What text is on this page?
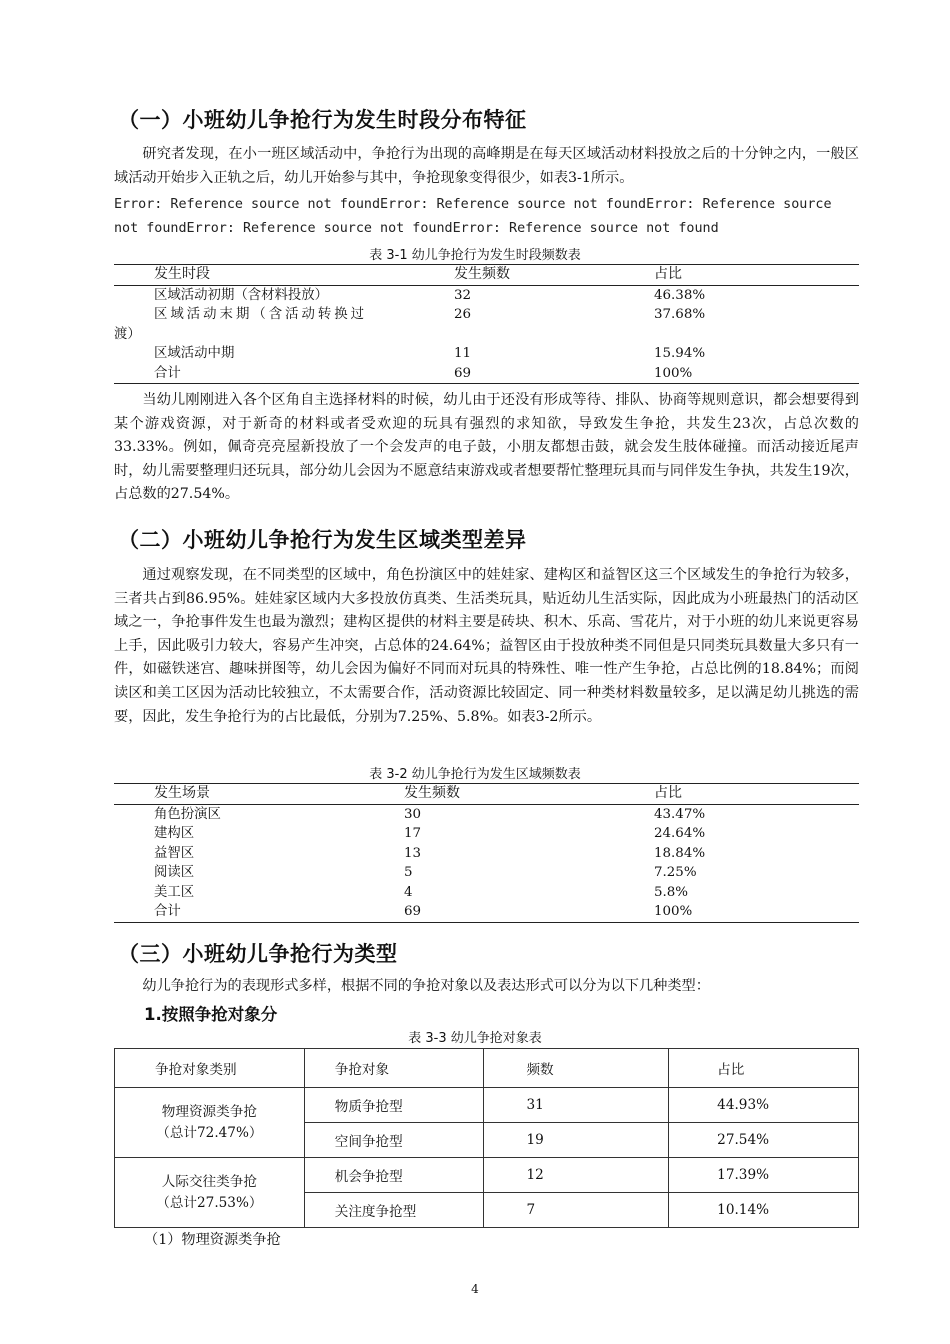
（一）小班幼儿争抢行为发生时段分布特征
研究者发现，在小一班区域活动中，争抢行为出现的高峰期是在每天区域活动材料投放之后的十分钟之内，一般区域活动开始步入正轨之后，幼儿开始参与其中，争抢现象变得很少，如表3-1所示。
Error: Reference source not foundError: Reference source not foundError: Reference source
not foundError: Reference source not foundError: Reference source not found
表 3-1 幼儿争抢行为发生时段频数表
发生时段	发生频数	占比
区域活动初期（含材料投放）	32	46.38%
区域活动末期（含活动转换过	26	37.68%
渡）		
区域活动中期	11	15.94%
合计	69	100%
当幼儿刚刚进入各个区角自主选择材料的时候，幼儿由于还没有形成等待、排队、协商等规则意识，都会想要得到某个游戏资源，对于新奇的材料或者受欢迎的玩具有强烈的求知欲，导致发生争抢，共发生23次，占总次数的33.33%。例如，佩奇亮亮屋新投放了一个会发声的电子鼓，小朋友都想击鼓，就会发生肢体碰撞。而活动接近尾声时，幼儿需要整理归还玩具，部分幼儿会因为不愿意结束游戏或者想要帮忙整理玩具而与同伴发生争执，共发生19次，占总数的27.54%。
（二）小班幼儿争抢行为发生区域类型差异
通过观察发现，在不同类型的区域中，角色扮演区中的娃娃家、建构区和益智区这三个区域发生的争抢行为较多，三者共占到86.95%。娃娃家区域内大多投放仿真类、生活类玩具，贴近幼儿生活实际，因此成为小班最热门的活动区域之一，争抢事件发生也最为激烈；建构区提供的材料主要是砖块、积木、乐高、雪花片，对于小班的幼儿来说更容易上手，因此吸引力较大，容易产生冲突，占总体的24.64%；益智区由于投放种类不同但是只同类玩具数量大多只有一件，如磁铁迷宫、趣味拼图等，幼儿会因为偏好不同而对玩具的特殊性、唯一性产生争抢，占总比例的18.84%；而阅读区和美工区因为活动比较独立，不太需要合作，活动资源比较固定、同一种类材料数量较多，足以满足幼儿挑选的需要，因此，发生争抢行为的占比最低，分别为7.25%、5.8%。如表3-2所示。
表 3-2 幼儿争抢行为发生区域频数表
发生场景	发生频数	占比
角色扮演区	30	43.47%
建构区	17	24.64%
益智区	13	18.84%
阅读区	5	7.25%
美工区	4	5.8%
合计	69	100%
（三）小班幼儿争抢行为类型
幼儿争抢行为的表现形式多样，根据不同的争抢对象以及表达形式可以分为以下几种类型：
1.按照争抢对象分
表 3-3 幼儿争抢对象表
争抢对象类别	争抢对象	频数	占比

物理资源类争抢
（总计72.47%）	物质争抢型	31	44.93%
	空间争抢型	19	27.54%

人际交往类争抢
（总计27.53%）	机会争抢型	12	17.39%
	关注度争抢型	7	10.14%
（1）物理资源类争抢
4
